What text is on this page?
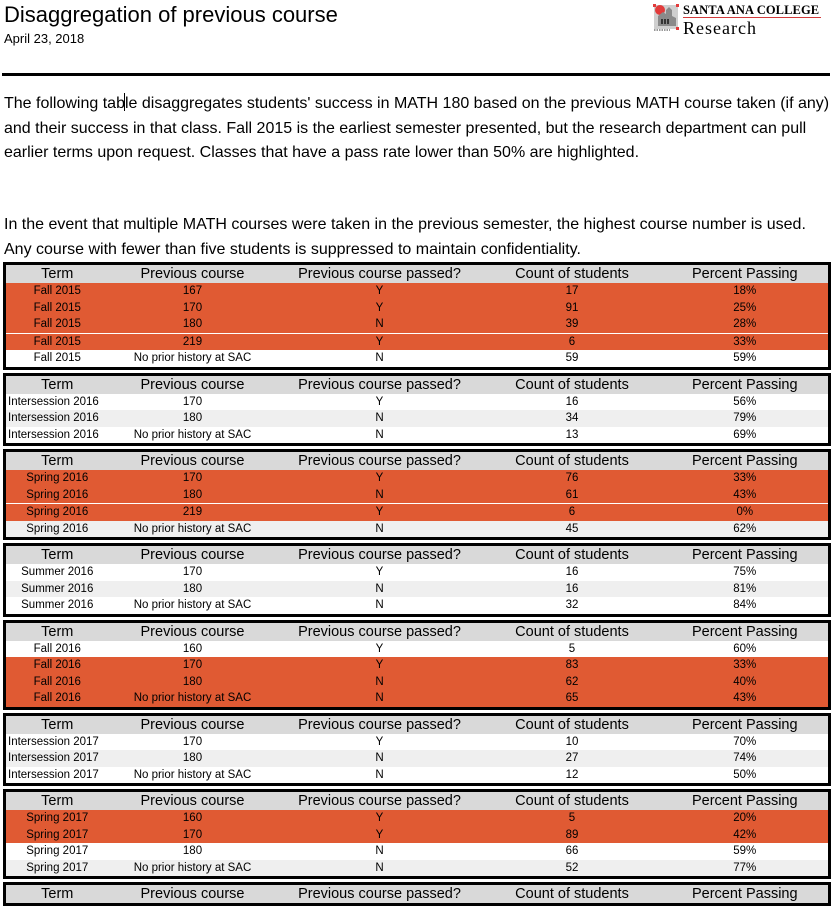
Disaggregation of previous course
April 23, 2018
SANTA ANA COLLEGE
Research
The following table disaggregates students' success in MATH 180 based on the previous MATH course taken (if any) and their success in that class. Fall 2015 is the earliest semester presented, but the research department can pull earlier terms upon request. Classes that have a pass rate lower than 50% are highlighted.
In the event that multiple MATH courses were taken in the previous semester, the highest course number is used. Any course with fewer than five students is suppressed to maintain confidentiality.
Term	Previous course	Previous course passed?	Count of students	Percent Passing
Fall 2015	167	Y	17	18%
Fall 2015	170	Y	91	25%
Fall 2015	180	N	39	28%
Fall 2015	219	Y	6	33%
Fall 2015	No prior history at SAC	N	59	59%
Term	Previous course	Previous course passed?	Count of students	Percent Passing
Intersession 2016	170	Y	16	56%
Intersession 2016	180	N	34	79%
Intersession 2016	No prior history at SAC	N	13	69%
Term	Previous course	Previous course passed?	Count of students	Percent Passing
Spring 2016	170	Y	76	33%
Spring 2016	180	N	61	43%
Spring 2016	219	Y	6	0%
Spring 2016	No prior history at SAC	N	45	62%
Term	Previous course	Previous course passed?	Count of students	Percent Passing
Summer 2016	170	Y	16	75%
Summer 2016	180	N	16	81%
Summer 2016	No prior history at SAC	N	32	84%
Term	Previous course	Previous course passed?	Count of students	Percent Passing
Fall 2016	160	Y	5	60%
Fall 2016	170	Y	83	33%
Fall 2016	180	N	62	40%
Fall 2016	No prior history at SAC	N	65	43%
Term	Previous course	Previous course passed?	Count of students	Percent Passing
Intersession 2017	170	Y	10	70%
Intersession 2017	180	N	27	74%
Intersession 2017	No prior history at SAC	N	12	50%
Term	Previous course	Previous course passed?	Count of students	Percent Passing
Spring 2017	160	Y	5	20%
Spring 2017	170	Y	89	42%
Spring 2017	180	N	66	59%
Spring 2017	No prior history at SAC	N	52	77%
Term	Previous course	Previous course passed?	Count of students	Percent Passing
